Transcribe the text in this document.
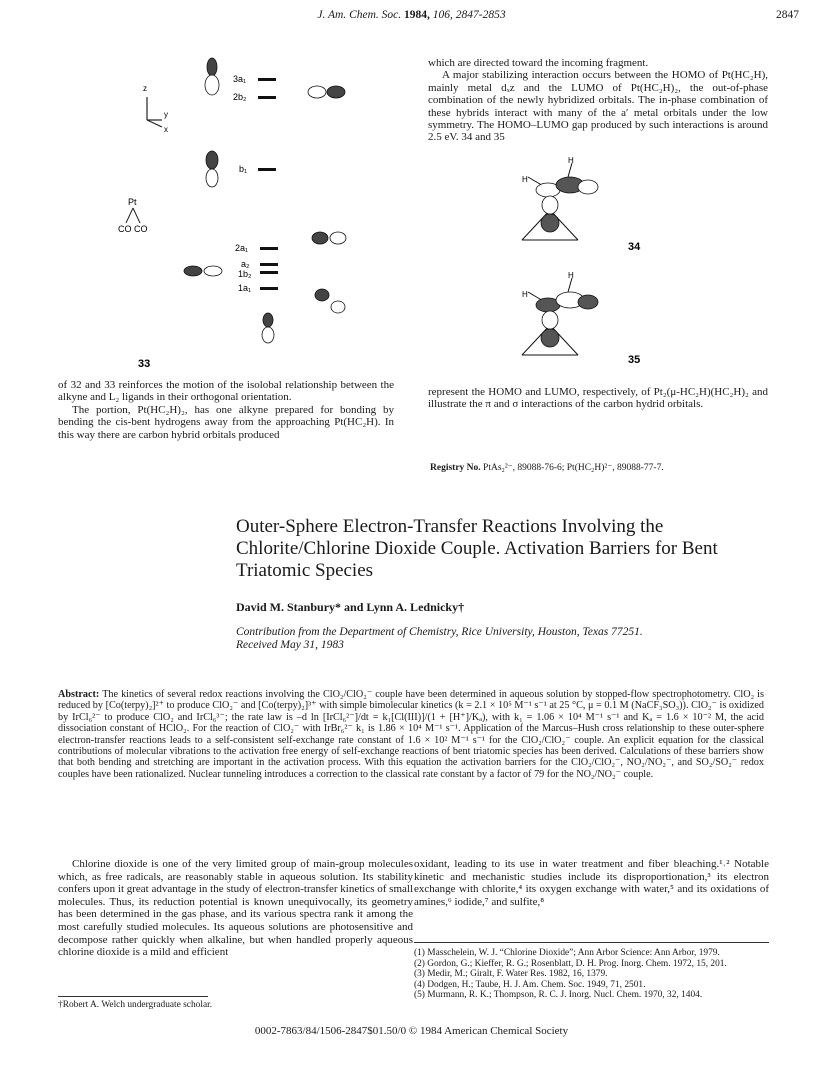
J. Am. Chem. Soc. 1984, 106, 2847-2853	2847
z
y
x
Pt
CO CO
3a₁
2b₂
b₁
2a₁
a₂
1b₂
1a₁
33

of 32 and 33 reinforces the motion of the isolobal relationship between the alkyne and L₂ ligands in their orthogonal orientation.

The portion, Pt(HC₂H)₂, has one alkyne prepared for bonding by bending the cis-bent hydrogens away from the approaching Pt(HC₂H). In this way there are carbon hybrid orbitals produced

which are directed toward the incoming fragment.

A major stabilizing interaction occurs between the HOMO of Pt(HC₂H), mainly metal dₓz and the LUMO of Pt(HC₂H)₂, the out-of-phase combination of the newly hybridized orbitals. The in-phase combination of these hybrids interact with many of the a′ metal orbitals under the low symmetry. The HOMO–LUMO gap produced by such interactions is around 2.5 eV. 34 and 35

H
H
34
H
H
35

represent the HOMO and LUMO, respectively, of Pt₂(μ-HC₂H)(HC₂H)₂ and illustrate the π and σ interactions of the carbon hydrid orbitals.

Registry No. PtAs₂²⁻, 89088-76-6; Pt(HC₂H)²⁻, 89088-77-7.
Outer-Sphere Electron-Transfer Reactions Involving the Chlorite/Chlorine Dioxide Couple. Activation Barriers for Bent Triatomic Species
David M. Stanbury* and Lynn A. Lednicky†
Contribution from the Department of Chemistry, Rice University, Houston, Texas 77251.
Received May 31, 1983
Abstract: The kinetics of several redox reactions involving the ClO₂/ClO₂⁻ couple have been determined in aqueous solution by stopped-flow spectrophotometry. ClO₂ is reduced by [Co(terpy)₂]²⁺ to produce ClO₂⁻ and [Co(terpy)₂]³⁺ with simple bimolecular kinetics (k = 2.1 × 10⁵ M⁻¹ s⁻¹ at 25 °C, μ = 0.1 M (NaCF₃SO₃)). ClO₂⁻ is oxidized by IrCl₆²⁻ to produce ClO₂ and IrCl₆³⁻; the rate law is –d ln [IrCl₆²⁻]/dt = k₁[Cl(III)]/(1 + [H⁺]/Kₐ), with k₁ = 1.06 × 10⁴ M⁻¹ s⁻¹ and Kₐ = 1.6 × 10⁻² M, the acid dissociation constant of HClO₂. For the reaction of ClO₂⁻ with IrBr₆²⁻ k₁ is 1.86 × 10⁴ M⁻¹ s⁻¹. Application of the Marcus–Hush cross relationship to these outer-sphere electron-transfer reactions leads to a self-consistent self-exchange rate constant of 1.6 × 10² M⁻¹ s⁻¹ for the ClO₂/ClO₂⁻ couple. An explicit equation for the classical contributions of molecular vibrations to the activation free energy of self-exchange reactions of bent triatomic species has been derived. Calculations of these barriers show that both bending and stretching are important in the activation process. With this equation the activation barriers for the ClO₂/ClO₂⁻, NO₂/NO₂⁻, and SO₂/SO₂⁻ redox couples have been rationalized. Nuclear tunneling introduces a correction to the classical rate constant by a factor of 79 for the NO₂/NO₂⁻ couple.

Chlorine dioxide is one of the very limited group of main-group molecules which, as free radicals, are reasonably stable in aqueous solution. Its stability confers upon it great advantage in the study of electron-transfer kinetics of small molecules. Thus, its reduction potential is known unequivocally, its geometry has been determined in the gas phase, and its various spectra rank it among the most carefully studied molecules. Its aqueous solutions are photosensitive and decompose rather quickly when alkaline, but when handled properly aqueous chlorine dioxide is a mild and efficient

oxidant, leading to its use in water treatment and fiber bleaching.¹˒² Notable kinetic and mechanistic studies include its disproportionation,³ its electron exchange with chlorite,⁴ its oxygen exchange with water,⁵ and its oxidations of amines,⁶ iodide,⁷ and sulfite,⁸

(1) Masschelein, W. J. “Chlorine Dioxide”; Ann Arbor Science: Ann Arbor, 1979.
(2) Gordon, G.; Kieffer, R. G.; Rosenblatt, D. H. Prog. Inorg. Chem. 1972, 15, 201.
(3) Medir, M.; Giralt, F. Water Res. 1982, 16, 1379.
(4) Dodgen, H.; Taube, H. J. Am. Chem. Soc. 1949, 71, 2501.
(5) Murmann, R. K.; Thompson, R. C. J. Inorg. Nucl. Chem. 1970, 32, 1404.
†Robert A. Welch undergraduate scholar.
0002-7863/84/1506-2847$01.50/0 © 1984 American Chemical Society
